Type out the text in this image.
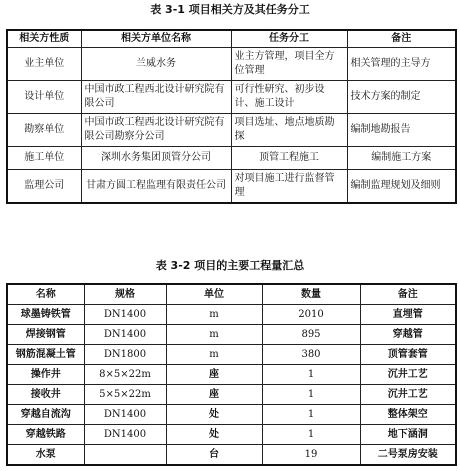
表 3-1 项目相关方及其任务分工
相关方性质	相关方单位名称	任务分工	备注
业主单位	兰威水务	业主方管理，项目全方位管理	相关管理的主导方
设计单位	中国市政工程西北设计研究院有限公司	可行性研究、初步设计、施工设计	技术方案的制定
勘察单位	中国市政工程西北设计研究院有限公司勘察分公司	项目选址、地点地质勘探	编制地勘报告
施工单位	深圳水务集团顶管分公司	顶管工程施工	编制施工方案
监理公司	甘肃方圆工程监理有限责任公司	对项目施工进行监督管理	编制监理规划及细则
表 3-2 项目的主要工程量汇总
名称	规格	单位	数量	备注
球墨铸铁管	DN1400	m	2010	直埋管
焊接钢管	DN1400	m	895	穿越管
钢筋混凝土管	DN1800	m	380	顶管套管
操作井	8×5×22m	座	1	沉井工艺
接收井	5×5×22m	座	1	沉井工艺
穿越自流沟	DN1400	处	1	整体架空
穿越铁路	DN1400	处	1	地下涵洞
水泵		台	19	二号泵房安装
